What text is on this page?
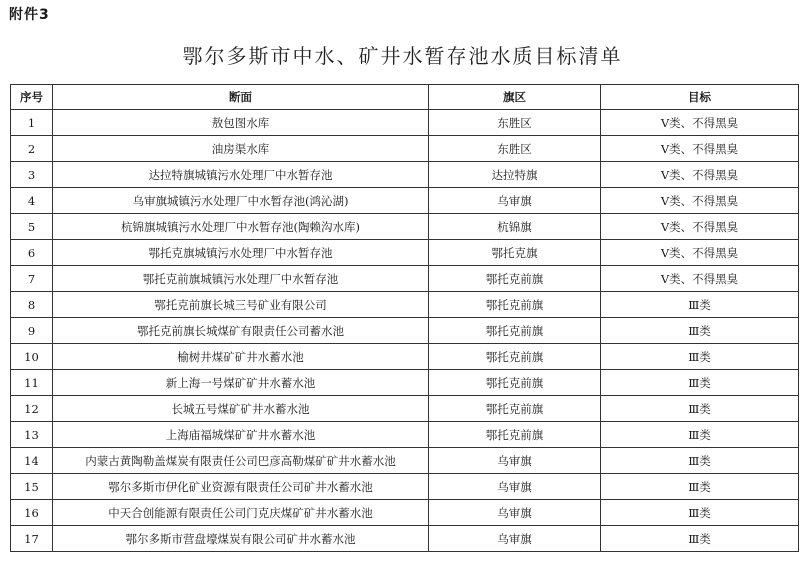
附件3
鄂尔多斯市中水、矿井水暂存池水质目标清单
序号	断面	旗区	目标
1	敖包图水库	东胜区	V类、不得黑臭
2	油房渠水库	东胜区	V类、不得黑臭
3	达拉特旗城镇污水处理厂中水暂存池	达拉特旗	V类、不得黑臭
4	乌审旗城镇污水处理厂中水暂存池(鸿沁湖)	乌审旗	V类、不得黑臭
5	杭锦旗城镇污水处理厂中水暂存池(陶赖沟水库)	杭锦旗	V类、不得黑臭
6	鄂托克旗城镇污水处理厂中水暂存池	鄂托克旗	V类、不得黑臭
7	鄂托克前旗城镇污水处理厂中水暂存池	鄂托克前旗	V类、不得黑臭
8	鄂托克前旗长城三号矿业有限公司	鄂托克前旗	Ⅲ类
9	鄂托克前旗长城煤矿有限责任公司蓄水池	鄂托克前旗	Ⅲ类
10	榆树井煤矿矿井水蓄水池	鄂托克前旗	Ⅲ类
11	新上海一号煤矿矿井水蓄水池	鄂托克前旗	Ⅲ类
12	长城五号煤矿矿井水蓄水池	鄂托克前旗	Ⅲ类
13	上海庙福城煤矿矿井水蓄水池	鄂托克前旗	Ⅲ类
14	内蒙古黄陶勒盖煤炭有限责任公司巴彦高勒煤矿矿井水蓄水池	乌审旗	Ⅲ类
15	鄂尔多斯市伊化矿业资源有限责任公司矿井水蓄水池	乌审旗	Ⅲ类
16	中天合创能源有限责任公司门克庆煤矿矿井水蓄水池	乌审旗	Ⅲ类
17	鄂尔多斯市营盘壕煤炭有限公司矿井水蓄水池	乌审旗	Ⅲ类
